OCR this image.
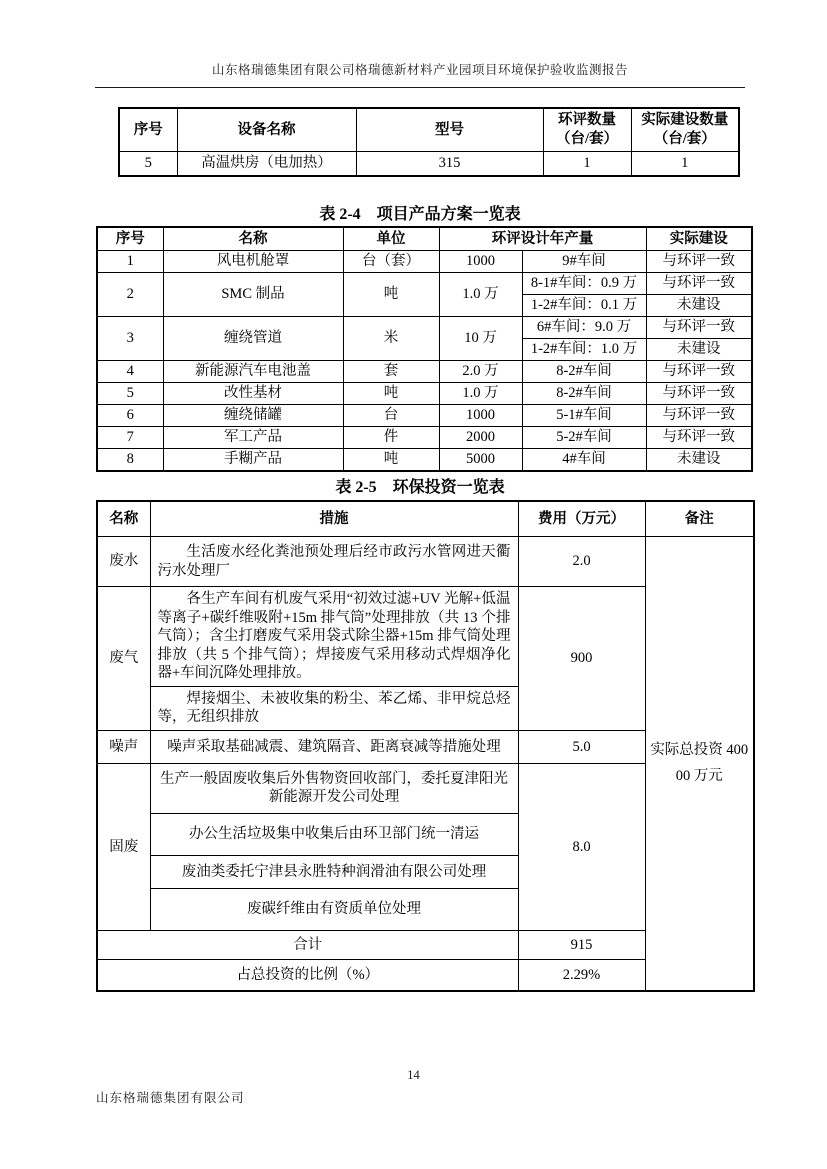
山东格瑞德集团有限公司格瑞德新材料产业园项目环境保护验收监测报告
序号	设备名称	型号	环评数量（台/套）	实际建设数量（台/套）
5	高温烘房（电加热）	315	1	1
表 2-4　项目产品方案一览表
序号	名称	单位	环评设计年产量		实际建设
1	风电机舱罩	台（套）	1000	9#车间	与环评一致
2	SMC 制品	吨	1.0 万	8-1#车间：0.9 万	与环评一致
				1-2#车间：0.1 万	未建设
3	缠绕管道	米	10 万	6#车间：9.0 万	与环评一致
				1-2#车间：1.0 万	未建设
4	新能源汽车电池盖	套	2.0 万	8-2#车间	与环评一致
5	改性基材	吨	1.0 万	8-2#车间	与环评一致
6	缠绕储罐	台	1000	5-1#车间	与环评一致
7	军工产品	件	2000	5-2#车间	与环评一致
8	手糊产品	吨	5000	4#车间	未建设
表 2-5　环保投资一览表
名称	措施	费用（万元）	备注
废水	生活废水经化粪池预处理后经市政污水管网进天衢污水处理厂	2.0	实际总投资 40000 万元
废气	各生产车间有机废气采用“初效过滤+UV 光解+低温等离子+碳纤维吸附+15m 排气筒”处理排放（共 13 个排气筒）；含尘打磨废气采用袋式除尘器+15m 排气筒处理排放（共 5 个排气筒）；焊接废气采用移动式焊烟净化器+车间沉降处理排放。	900	
	焊接烟尘、未被收集的粉尘、苯乙烯、非甲烷总烃等，无组织排放		
噪声	噪声采取基础减震、建筑隔音、距离衰减等措施处理	5.0	
固废	生产一般固废收集后外售物资回收部门，委托夏津阳光新能源开发公司处理	8.0	
	办公生活垃圾集中收集后由环卫部门统一清运		
	废油类委托宁津县永胜特种润滑油有限公司处理		
	废碳纤维由有资质单位处理		
合计		915	
占总投资的比例（%）		2.29%	
14
山东格瑞德集团有限公司
